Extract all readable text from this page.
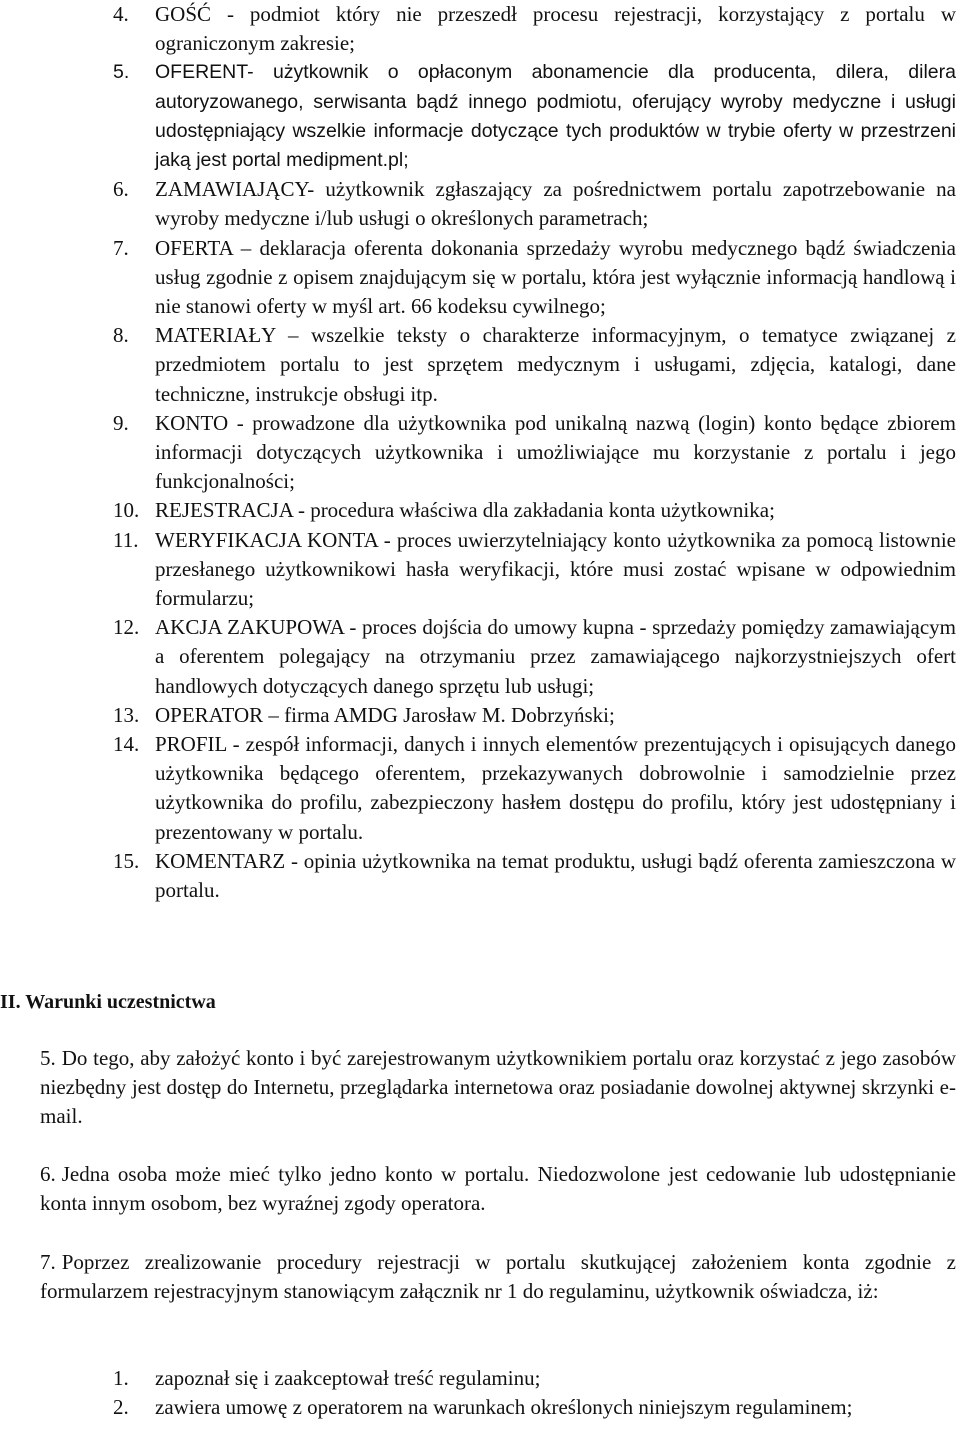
4.	GOŚĆ - podmiot który nie przeszedł procesu rejestracji, korzystający z portalu w ograniczonym zakresie;
5.	OFERENT- użytkownik o opłaconym abonamencie dla producenta, dilera, dilera autoryzowanego, serwisanta bądź innego podmiotu, oferujący wyroby medyczne i usługi udostępniający wszelkie informacje dotyczące tych produktów w trybie oferty w przestrzeni jaką jest portal medipment.pl;
6.	ZAMAWIAJĄCY- użytkownik zgłaszający za pośrednictwem portalu zapotrzebowanie na wyroby medyczne i/lub usługi o określonych parametrach;
7.	OFERTA – deklaracja oferenta dokonania sprzedaży wyrobu medycznego bądź świadczenia usług zgodnie z opisem znajdującym się w portalu, która jest wyłącznie informacją handlową i nie stanowi oferty w myśl art. 66 kodeksu cywilnego;
8.	MATERIAŁY – wszelkie teksty o charakterze informacyjnym, o tematyce związanej z przedmiotem portalu to jest sprzętem medycznym i usługami, zdjęcia, katalogi, dane techniczne, instrukcje obsługi itp.
9.	KONTO - prowadzone dla użytkownika pod unikalną nazwą (login) konto będące zbiorem informacji dotyczących użytkownika i umożliwiające mu korzystanie z portalu i jego funkcjonalności;
10. REJESTRACJA - procedura właściwa dla zakładania konta użytkownika;
11. WERYFIKACJA KONTA - proces uwierzytelniający konto użytkownika za pomocą listownie przesłanego użytkownikowi hasła weryfikacji, które musi zostać wpisane w odpowiednim formularzu;
12. AKCJA ZAKUPOWA - proces dojścia do umowy kupna - sprzedaży pomiędzy zamawiającym a oferentem polegający na otrzymaniu przez zamawiającego najkorzystniejszych ofert handlowych dotyczących danego sprzętu lub usługi;
13. OPERATOR – firma AMDG Jarosław M. Dobrzyński;
14. PROFIL - zespół informacji, danych i innych elementów prezentujących i opisujących danego użytkownika będącego oferentem, przekazywanych dobrowolnie i samodzielnie przez użytkownika do profilu, zabezpieczony hasłem dostępu do profilu, który jest udostępniany i prezentowany w portalu.
15. KOMENTARZ - opinia użytkownika na temat produktu, usługi bądź oferenta zamieszczona w portalu.
II. Warunki uczestnictwa

5. Do tego, aby założyć konto i być zarejestrowanym użytkownikiem portalu oraz korzystać z jego zasobów niezbędny jest dostęp do Internetu, przeglądarka internetowa oraz posiadanie dowolnej aktywnej skrzynki e-mail.

6. Jedna osoba może mieć tylko jedno konto w portalu. Niedozwolone jest cedowanie lub udostępnianie konta innym osobom, bez wyraźnej zgody operatora.

7. Poprzez zrealizowanie procedury rejestracji w portalu skutkującej założeniem konta zgodnie z formularzem rejestracyjnym stanowiącym załącznik nr 1 do regulaminu, użytkownik oświadcza, iż:

1.	zapoznał się i zaakceptował treść regulaminu;
2.	zawiera umowę z operatorem na warunkach określonych niniejszym regulaminem;
